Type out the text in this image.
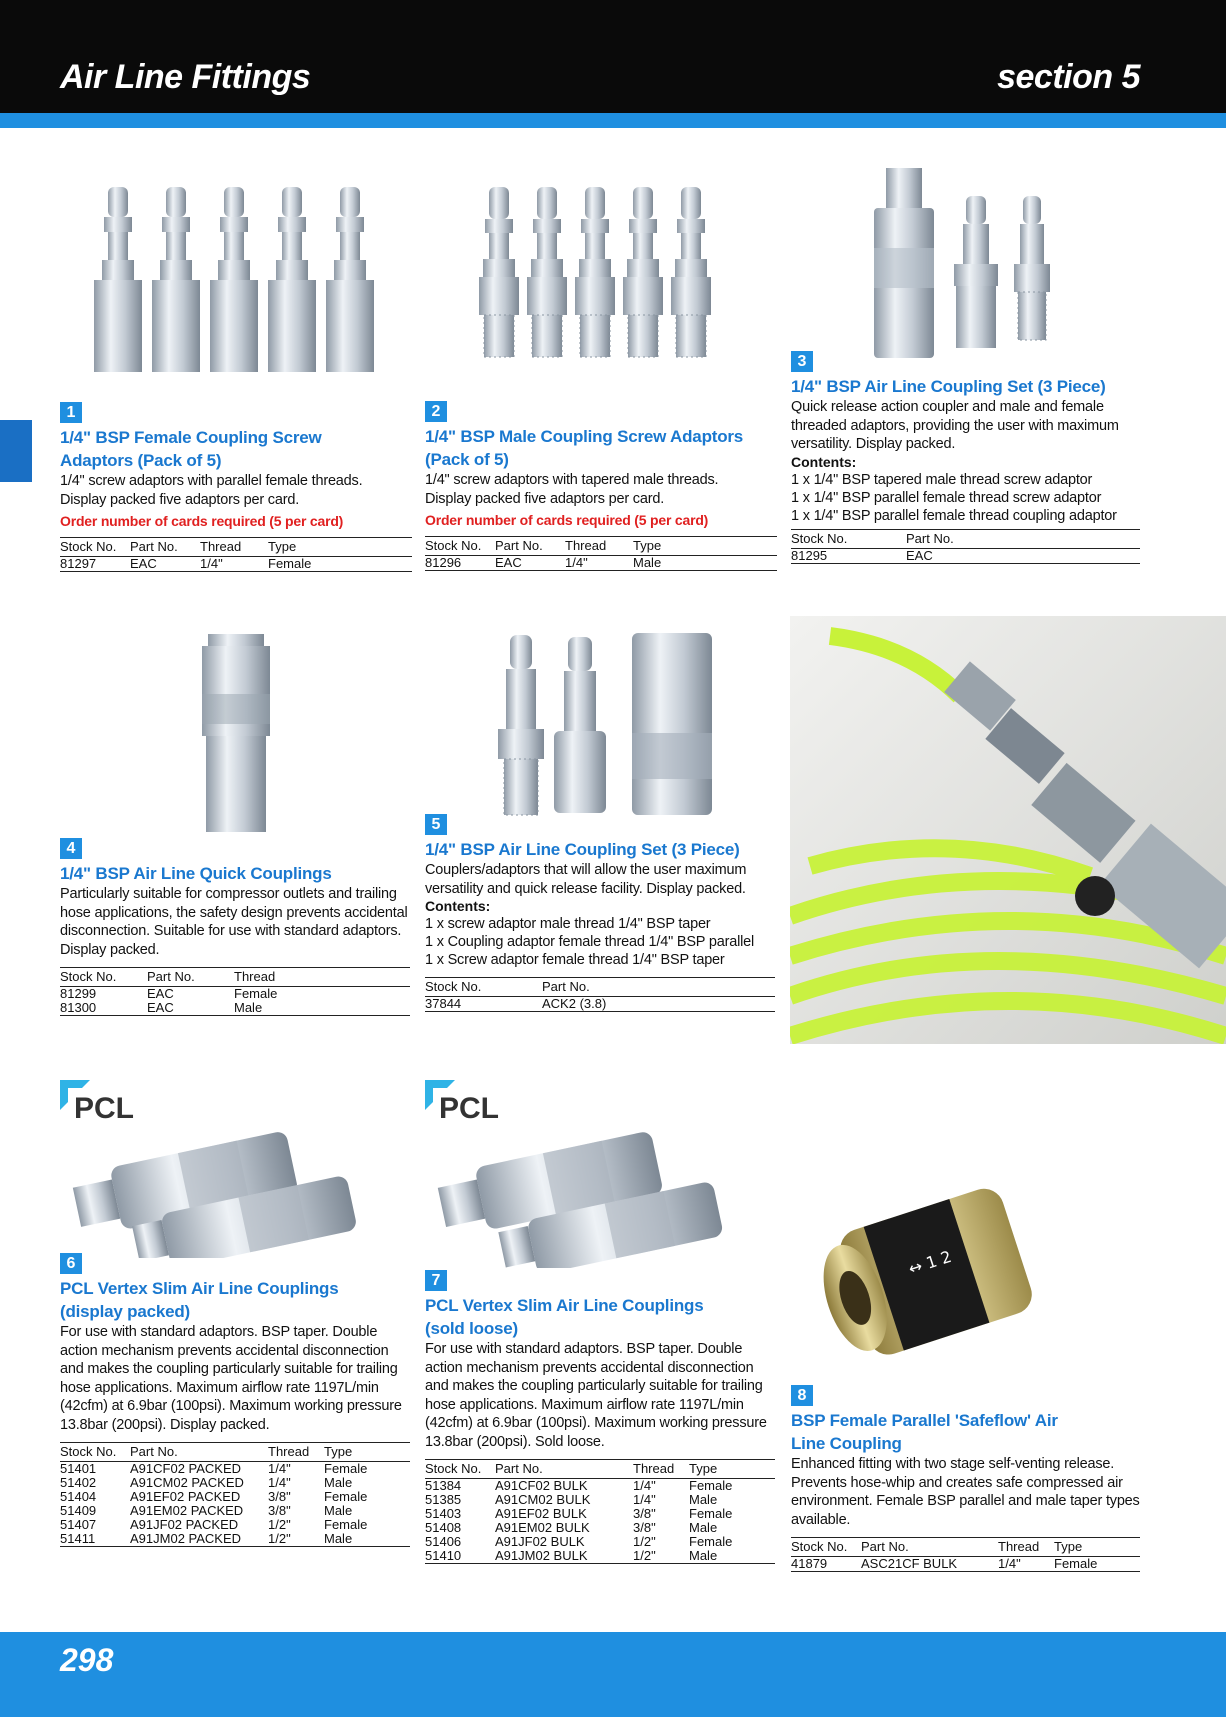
Air Line Fittings	section 5
PCL	PCL
↔ 1 2
1
1/4" BSP Female Coupling Screw Adaptors (Pack of 5)
1/4" screw adaptors with parallel female threads. Display packed five adaptors per card.
Order number of cards required (5 per card)
Stock No.	Part No.	Thread	Type
81297	EAC	1/4"	Female
2
1/4" BSP Male Coupling Screw Adaptors (Pack of 5)
1/4" screw adaptors with tapered male threads. Display packed five adaptors per card.
Order number of cards required (5 per card)
Stock No.	Part No.	Thread	Type
81296	EAC	1/4"	Male
3
1/4" BSP Air Line Coupling Set (3 Piece)
Quick release action coupler and male and female threaded adaptors, providing the user with maximum versatility. Display packed.
Contents:
1 x 1/4" BSP tapered male thread screw adaptor
1 x 1/4" BSP parallel female thread screw adaptor
1 x 1/4" BSP parallel female thread coupling adaptor
Stock No.	Part No.
81295	EAC
4
1/4" BSP Air Line Quick Couplings
Particularly suitable for compressor outlets and trailing hose applications, the safety design prevents accidental disconnection. Suitable for use with standard adaptors. Display packed.
Stock No.	Part No.	Thread
81299	EAC	Female
81300	EAC	Male
5
1/4" BSP Air Line Coupling Set (3 Piece)
Couplers/adaptors that will allow the user maximum versatility and quick release facility. Display packed.
Contents:
1 x screw adaptor male thread 1/4" BSP taper
1 x Coupling adaptor female thread 1/4" BSP parallel
1 x Screw adaptor female thread 1/4" BSP taper
Stock No.	Part No.
37844	ACK2 (3.8)
6
PCL Vertex Slim Air Line Couplings (display packed)
For use with standard adaptors. BSP taper. Double action mechanism prevents accidental disconnection and makes the coupling particularly suitable for trailing hose applications. Maximum airflow rate 1197L/min (42cfm) at 6.9bar (100psi). Maximum working pressure 13.8bar (200psi). Display packed.
Stock No.	Part No.	Thread	Type
51401	A91CF02 PACKED	1/4"	Female
51402	A91CM02 PACKED	1/4"	Male
51404	A91EF02 PACKED	3/8"	Female
51409	A91EM02 PACKED	3/8"	Male
51407	A91JF02 PACKED	1/2"	Female
51411	A91JM02 PACKED	1/2"	Male
7
PCL Vertex Slim Air Line Couplings (sold loose)
For use with standard adaptors. BSP taper. Double action mechanism prevents accidental disconnection and makes the coupling particularly suitable for trailing hose applications. Maximum airflow rate 1197L/min (42cfm) at 6.9bar (100psi). Maximum working pressure 13.8bar (200psi). Sold loose.
Stock No.	Part No.	Thread	Type
51384	A91CF02 BULK	1/4"	Female
51385	A91CM02 BULK	1/4"	Male
51403	A91EF02 BULK	3/8"	Female
51408	A91EM02 BULK	3/8"	Male
51406	A91JF02 BULK	1/2"	Female
51410	A91JM02 BULK	1/2"	Male
8
BSP Female Parallel 'Safeflow' Air Line Coupling
Enhanced fitting with two stage self-venting release. Prevents hose-whip and creates safe compressed air environment. Female BSP parallel and male taper types available.
Stock No.	Part No.	Thread	Type
41879	ASC21CF BULK	1/4"	Female
298
